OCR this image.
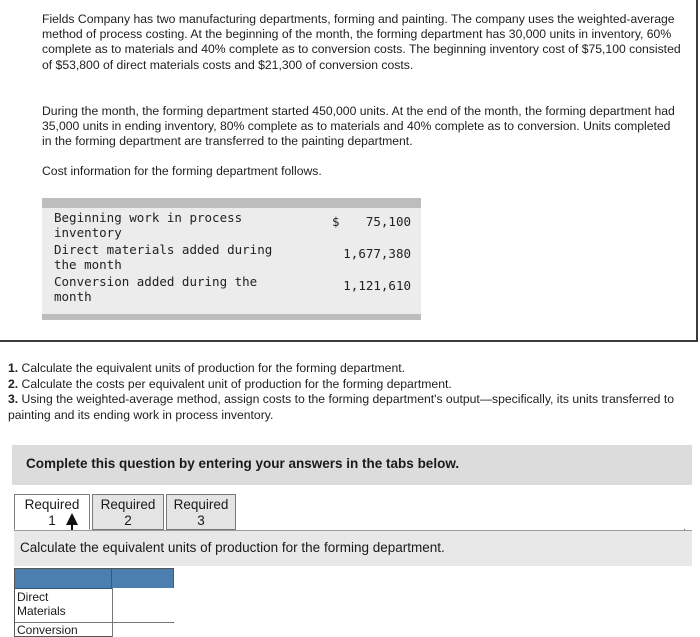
Fields Company has two manufacturing departments, forming and painting. The company uses the weighted-average method of process costing. At the beginning of the month, the forming department has 30,000 units in inventory, 60% complete as to materials and 40% complete as to conversion costs. The beginning inventory cost of $75,100 consisted of $53,800 of direct materials costs and $21,300 of conversion costs.

During the month, the forming department started 450,000 units. At the end of the month, the forming department had 35,000 units in ending inventory, 80% complete as to materials and 40% complete as to conversion. Units completed in the forming department are transferred to the painting department.

Cost information for the forming department follows.

Beginning work in process
inventory
$ 75,100
Direct materials added during
the month
1,677,380
Conversion added during the
month
1,121,610

1. Calculate the equivalent units of production for the forming department.

2. Calculate the costs per equivalent unit of production for the forming department.

3. Using the weighted-average method, assign costs to the forming department's output—specifically, its units transferred to painting and its ending work in process inventory.

Complete this question by entering your answers in the tabs below.
Required
1
Required
2
Required
3
Calculate the equivalent units of production for the forming department.
Direct
Materials
Conversion
·
